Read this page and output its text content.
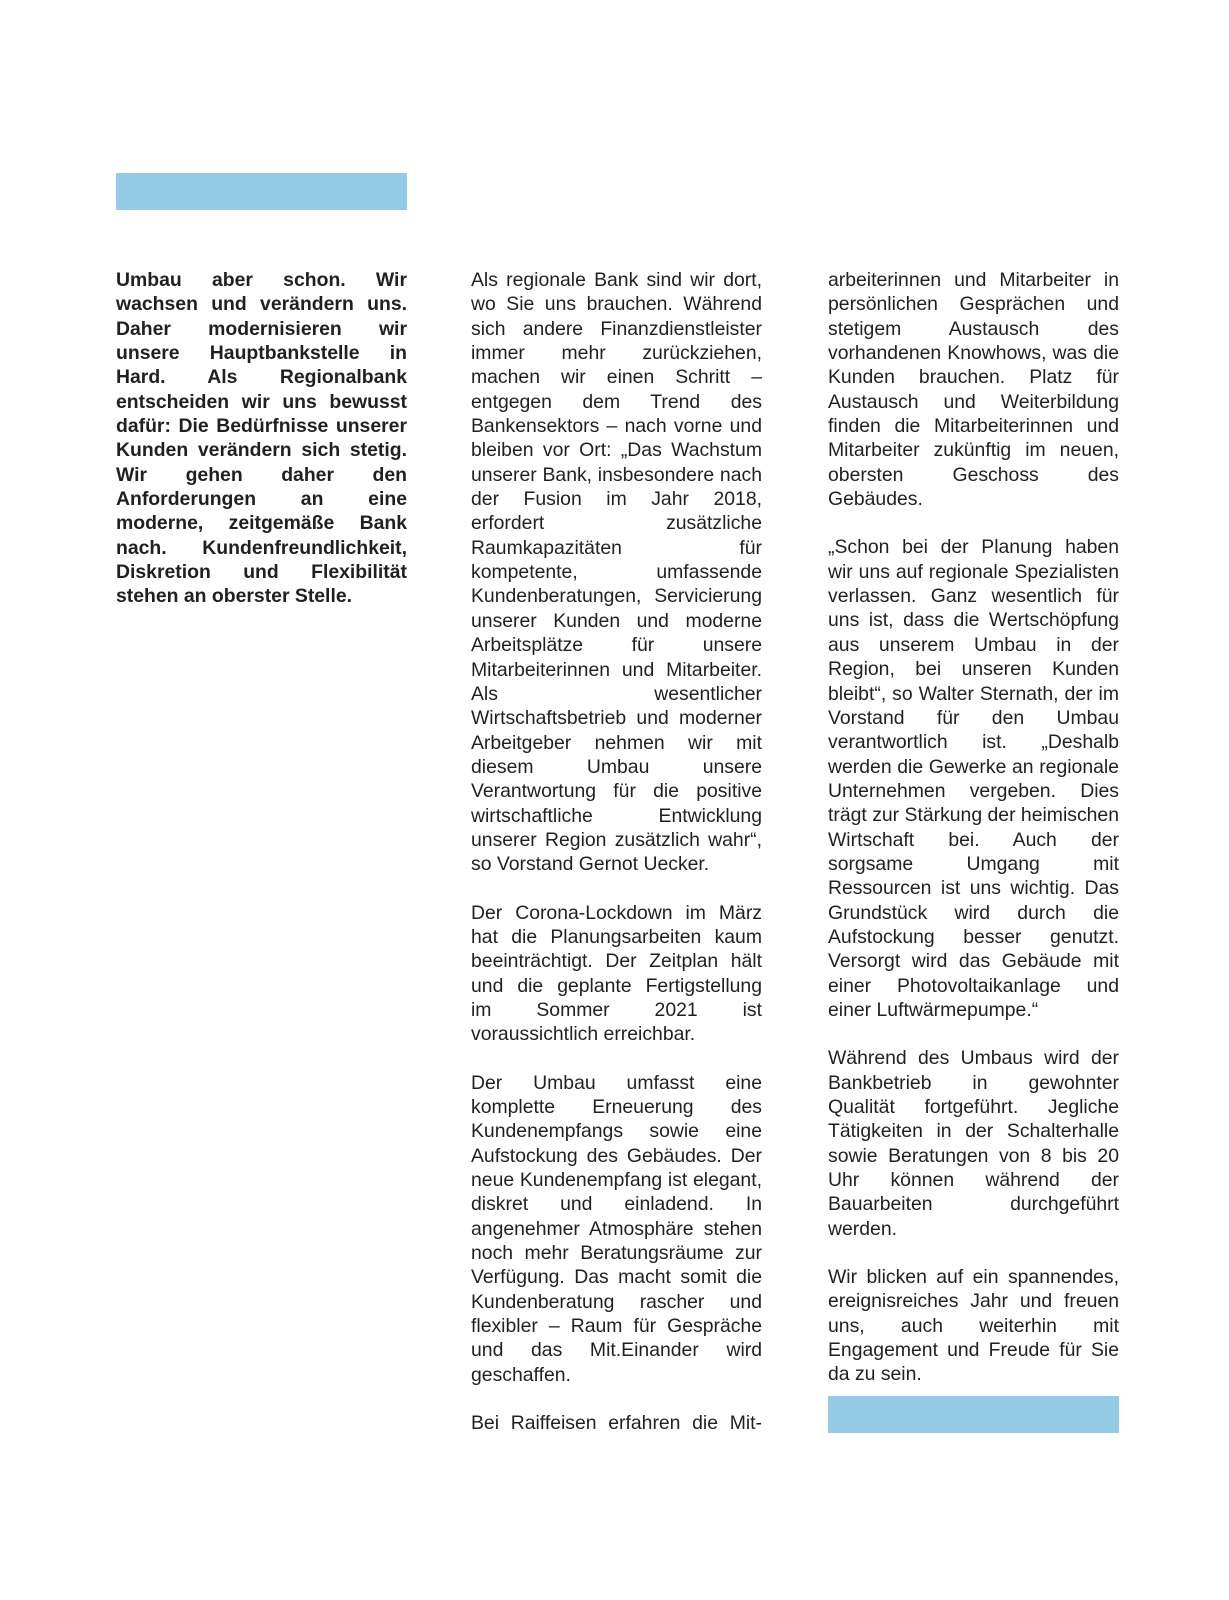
Umbau aber schon. Wir wachsen und verändern uns. Daher modernisieren wir unsere Hauptbankstelle in Hard. Als Regionalbank entscheiden wir uns bewusst dafür: Die Bedürfnisse unserer Kunden verändern sich stetig. Wir gehen daher den Anforderungen an eine moderne, zeitgemäße Bank nach. Kundenfreundlichkeit, Diskretion und Flexibilität stehen an oberster Stelle.

Als regionale Bank sind wir dort, wo Sie uns brauchen. Während sich andere Finanzdienstleister immer mehr zurückziehen, machen wir einen Schritt – entgegen dem Trend des Bankensektors – nach vorne und bleiben vor Ort: „Das Wachstum unserer Bank, insbesondere nach der Fusion im Jahr 2018, erfordert zusätzliche Raumkapazitäten für kompetente, umfassende Kundenberatungen, Servicierung unserer Kunden und moderne Arbeitsplätze für unsere Mitarbeiterinnen und Mitarbeiter. Als wesentlicher Wirtschaftsbetrieb und moderner Arbeitgeber nehmen wir mit diesem Umbau unsere Verantwortung für die positive wirtschaftliche Entwicklung unserer Region zusätzlich wahr“, so Vorstand Gernot Uecker.

Der Corona-Lockdown im März hat die Planungsarbeiten kaum beeinträchtigt. Der Zeitplan hält und die geplante Fertigstellung im Sommer 2021 ist voraussichtlich erreichbar.

Der Umbau umfasst eine komplette Erneuerung des Kundenempfangs sowie eine Aufstockung des Gebäudes. Der neue Kundenempfang ist elegant, diskret und einladend. In angenehmer Atmosphäre stehen noch mehr Beratungsräume zur Verfügung. Das macht somit die Kundenberatung rascher und flexibler – Raum für Gespräche und das Mit.Einander wird geschaffen.

Bei Raiffeisen erfahren die Mit-

arbeiterinnen und Mitarbeiter in persönlichen Gesprächen und stetigem Austausch des vorhandenen Knowhows, was die Kunden brauchen. Platz für Austausch und Weiterbildung finden die Mitarbeiterinnen und Mitarbeiter zukünftig im neuen, obersten Geschoss des Gebäudes.

„Schon bei der Planung haben wir uns auf regionale Spezialisten verlassen. Ganz wesentlich für uns ist, dass die Wertschöpfung aus unserem Umbau in der Region, bei unseren Kunden bleibt“, so Walter Sternath, der im Vorstand für den Umbau verantwortlich ist. „Deshalb werden die Gewerke an regionale Unternehmen vergeben. Dies trägt zur Stärkung der heimischen Wirtschaft bei. Auch der sorgsame Umgang mit Ressourcen ist uns wichtig. Das Grundstück wird durch die Aufstockung besser genutzt. Versorgt wird das Gebäude mit einer Photovoltaikanlage und einer Luftwärmepumpe.“

Während des Umbaus wird der Bankbetrieb in gewohnter Qualität fortgeführt. Jegliche Tätigkeiten in der Schalterhalle sowie Beratungen von 8 bis 20 Uhr können während der Bauarbeiten durchgeführt werden.

Wir blicken auf ein spannendes, ereignisreiches Jahr und freuen uns, auch weiterhin mit Engagement und Freude für Sie da zu sein.
